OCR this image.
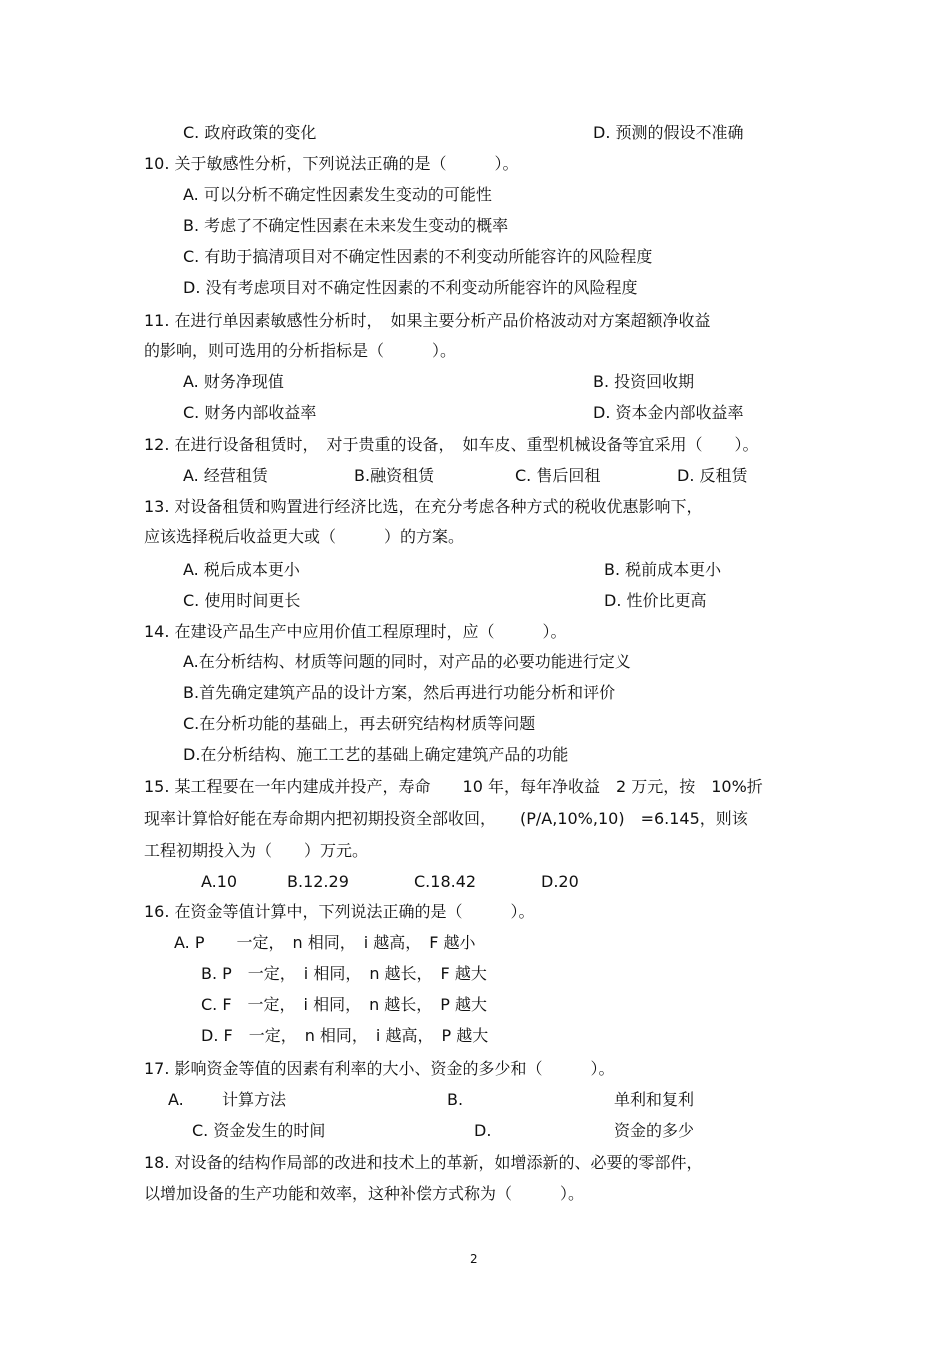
C. 政府政策的变化	D. 预测的假设不准确
10. 关于敏感性分析，下列说法正确的是（　　　）。
A. 可以分析不确定性因素发生变动的可能性
B. 考虑了不确定性因素在未来发生变动的概率
C. 有助于搞清项目对不确定性因素的不利变动所能容许的风险程度
D. 没有考虑项目对不确定性因素的不利变动所能容许的风险程度
11. 在进行单因素敏感性分析时，　如果主要分析产品价格波动对方案超额净收益
的影响，则可选用的分析指标是（　　　）。
A. 财务净现值	B. 投资回收期
C. 财务内部收益率	D. 资本金内部收益率
12. 在进行设备租赁时，　对于贵重的设备，　如车皮、重型机械设备等宜采用（　　）。
A. 经营租赁	B.融资租赁	C. 售后回租	D. 反租赁
13. 对设备租赁和购置进行经济比选，在充分考虑各种方式的税收优惠影响下，
应该选择税后收益更大或（　　　）的方案。
A. 税后成本更小	B. 税前成本更小
C. 使用时间更长	D. 性价比更高
14. 在建设产品生产中应用价值工程原理时，应（　　　）。
A.在分析结构、材质等问题的同时，对产品的必要功能进行定义
B.首先确定建筑产品的设计方案，然后再进行功能分析和评价
C.在分析功能的基础上，再去研究结构材质等问题
D.在分析结构、施工工艺的基础上确定建筑产品的功能
15. 某工程要在一年内建成并投产，寿命　　10 年，每年净收益　2 万元，按　10%折
现率计算恰好能在寿命期内把初期投资全部收回，　　(P/A,10%,10)　=6.145，则该
工程初期投入为（　　）万元。
A.10	B.12.29	C.18.42	D.20
16. 在资金等值计算中，下列说法正确的是（　　　）。
A. P　　一定，　n 相同，　i 越高，　F 越小
B. P　一定，　i 相同，　n 越长，　F 越大
C. F　一定，　i 相同，　n 越长，　P 越大
D. F　一定，　n 相同，　i 越高，　P 越大
17. 影响资金等值的因素有利率的大小、资金的多少和（　　　）。
A. 计算方法	B.	单利和复利
C. 资金发生的时间	D.	资金的多少
18. 对设备的结构作局部的改进和技术上的革新，如增添新的、必要的零部件，
以增加设备的生产功能和效率，这种补偿方式称为（　　　）。
2
